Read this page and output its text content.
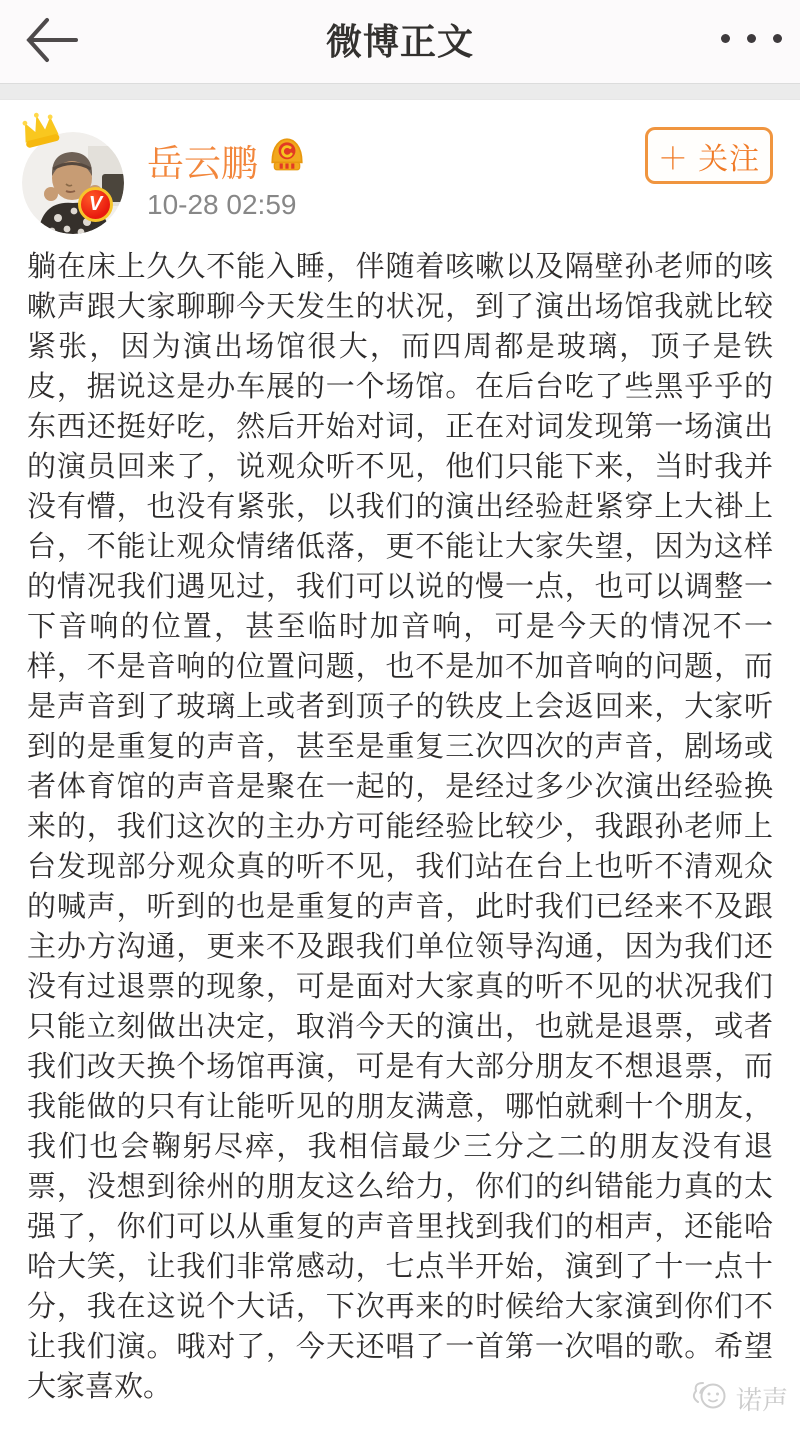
微博正文
V
岳云鹏
10-28 02:59
＋ 关注
躺在床上久久不能入睡，伴随着咳嗽以及隔壁孙老师的咳嗽声跟大家聊聊今天发生的状况，到了演出场馆我就比较紧张，因为演出场馆很大，而四周都是玻璃，顶子是铁皮，据说这是办车展的一个场馆。在后台吃了些黑乎乎的东西还挺好吃，然后开始对词，正在对词发现第一场演出的演员回来了，说观众听不见，他们只能下来，当时我并没有懵，也没有紧张，以我们的演出经验赶紧穿上大褂上台，不能让观众情绪低落，更不能让大家失望，因为这样的情况我们遇见过，我们可以说的慢一点，也可以调整一下音响的位置，甚至临时加音响，可是今天的情况不一样，不是音响的位置问题，也不是加不加音响的问题，而是声音到了玻璃上或者到顶子的铁皮上会返回来，大家听到的是重复的声音，甚至是重复三次四次的声音，剧场或者体育馆的声音是聚在一起的，是经过多少次演出经验换来的，我们这次的主办方可能经验比较少，我跟孙老师上台发现部分观众真的听不见，我们站在台上也听不清观众的喊声，听到的也是重复的声音，此时我们已经来不及跟主办方沟通，更来不及跟我们单位领导沟通，因为我们还没有过退票的现象，可是面对大家真的听不见的状况我们只能立刻做出决定，取消今天的演出，也就是退票，或者我们改天换个场馆再演，可是有大部分朋友不想退票，而我能做的只有让能听见的朋友满意，哪怕就剩十个朋友，我们也会鞠躬尽瘁，我相信最少三分之二的朋友没有退票，没想到徐州的朋友这么给力，你们的纠错能力真的太强了，你们可以从重复的声音里找到我们的相声，还能哈哈大笑，让我们非常感动，七点半开始，演到了十一点十分，我在这说个大话，下次再来的时候给大家演到你们不让我们演。哦对了，今天还唱了一首第一次唱的歌。希望大家喜欢。	诺声
